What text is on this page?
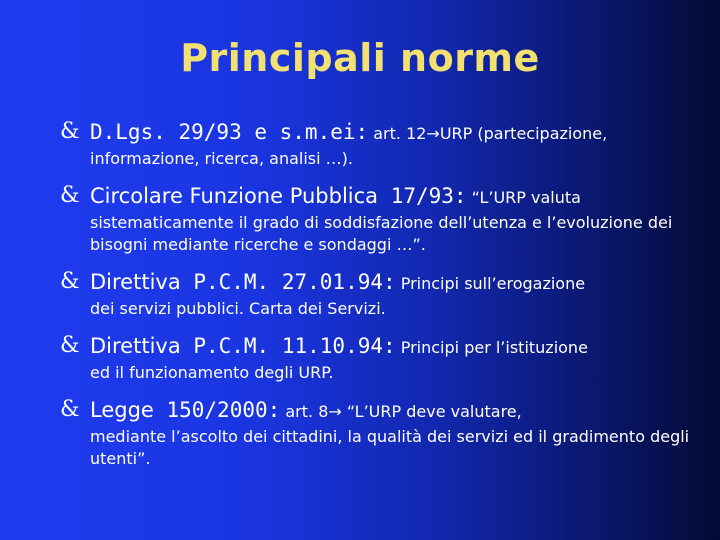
Principali norme
& D.Lgs. 29/93 e s.m.ei: art. 12→URP (partecipazione,
informazione, ricerca, analisi …).
& Circolare Funzione Pubblica 17/93: “L’URP valuta
sistematicamente il grado di soddisfazione dell’utenza e l’evoluzione dei bisogni mediante ricerche e sondaggi …”.
& Direttiva P.C.M. 27.01.94: Principi sull’erogazione
dei servizi pubblici. Carta dei Servizi.
& Direttiva P.C.M. 11.10.94: Principi per l’istituzione
ed il funzionamento degli URP.
& Legge 150/2000: art. 8→ “L’URP deve valutare,
mediante l’ascolto dei cittadini, la qualità dei servizi ed il gradimento degli utenti”.
